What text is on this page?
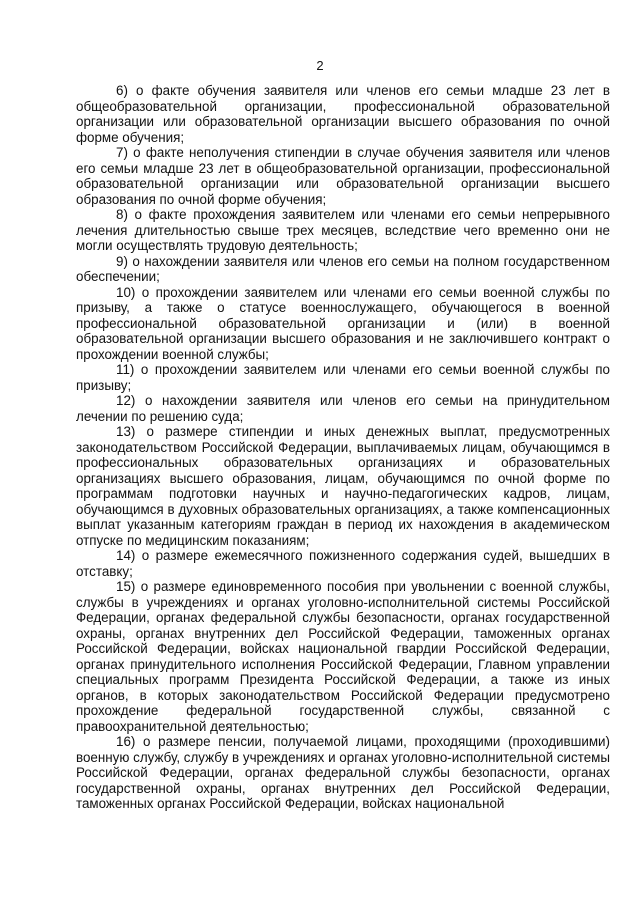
2

6) о факте обучения заявителя или членов его семьи младше 23 лет в общеобразовательной организации, профессиональной образовательной организации или образовательной организации высшего образования по очной форме обучения;

7) о факте неполучения стипендии в случае обучения заявителя или членов его семьи младше 23 лет в общеобразовательной организации, профессиональной образовательной организации или образовательной организации высшего образования по очной форме обучения;

8) о факте прохождения заявителем или членами его семьи непрерывного лечения длительностью свыше трех месяцев, вследствие чего временно они не могли осуществлять трудовую деятельность;

9) о нахождении заявителя или членов его семьи на полном государственном обеспечении;

10) о прохождении заявителем или членами его семьи военной службы по призыву, а также о статусе военнослужащего, обучающегося в военной профессиональной образовательной организации и (или) в военной образовательной организации высшего образования и не заключившего контракт о прохождении военной службы;

11) о прохождении заявителем или членами его семьи военной службы по призыву;

12) о нахождении заявителя или членов его семьи на принудительном лечении по решению суда;

13) о размере стипендии и иных денежных выплат, предусмотренных законодательством Российской Федерации, выплачиваемых лицам, обучающимся в профессиональных образовательных организациях и образовательных организациях высшего образования, лицам, обучающимся по очной форме по программам подготовки научных и научно-педагогических кадров, лицам, обучающимся в духовных образовательных организациях, а также компенсационных выплат указанным категориям граждан в период их нахождения в академическом отпуске по медицинским показаниям;

14) о размере ежемесячного пожизненного содержания судей, вышедших в отставку;

15) о размере единовременного пособия при увольнении с военной службы, службы в учреждениях и органах уголовно-исполнительной системы Российской Федерации, органах федеральной службы безопасности, органах государственной охраны, органах внутренних дел Российской Федерации, таможенных органах Российской Федерации, войсках национальной гвардии Российской Федерации, органах принудительного исполнения Российской Федерации, Главном управлении специальных программ Президента Российской Федерации, а также из иных органов, в которых законодательством Российской Федерации предусмотрено прохождение федеральной государственной службы, связанной с правоохранительной деятельностью;

16) о размере пенсии, получаемой лицами, проходящими (проходившими) военную службу, службу в учреждениях и органах уголовно-исполнительной системы Российской Федерации, органах федеральной службы безопасности, органах государственной охраны, органах внутренних дел Российской Федерации, таможенных органах Российской Федерации, войсках национальной
